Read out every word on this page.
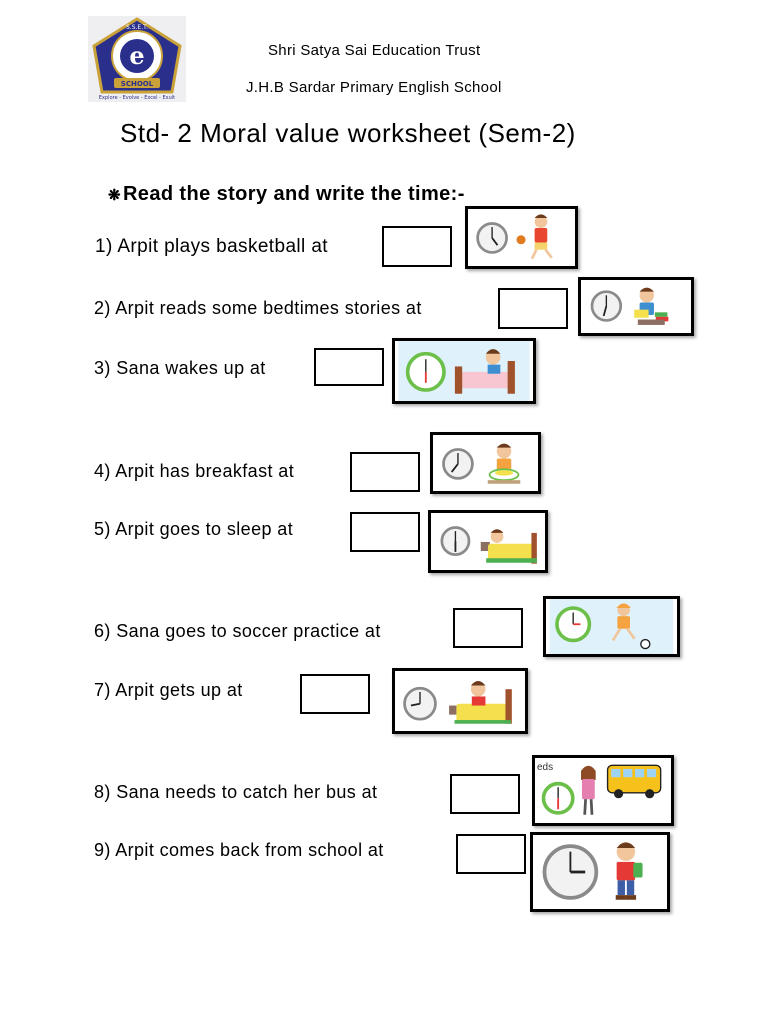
e
S.S.E.T.
SCHOOL
Explore - Evolve - Excel - Exult
Shri Satya Sai Education Trust
J.H.B Sardar Primary English School
Std- 2 Moral value worksheet (Sem-2)
❋ Read the story and write the time:-
1) Arpit plays basketball at
2) Arpit reads some bedtimes stories at
3) Sana wakes up at
4) Arpit has breakfast at
5) Arpit goes to sleep at
6) Sana goes to soccer practice at
7) Arpit gets up at
8) Sana needs to catch her bus at
eds
9) Arpit comes back from school at
